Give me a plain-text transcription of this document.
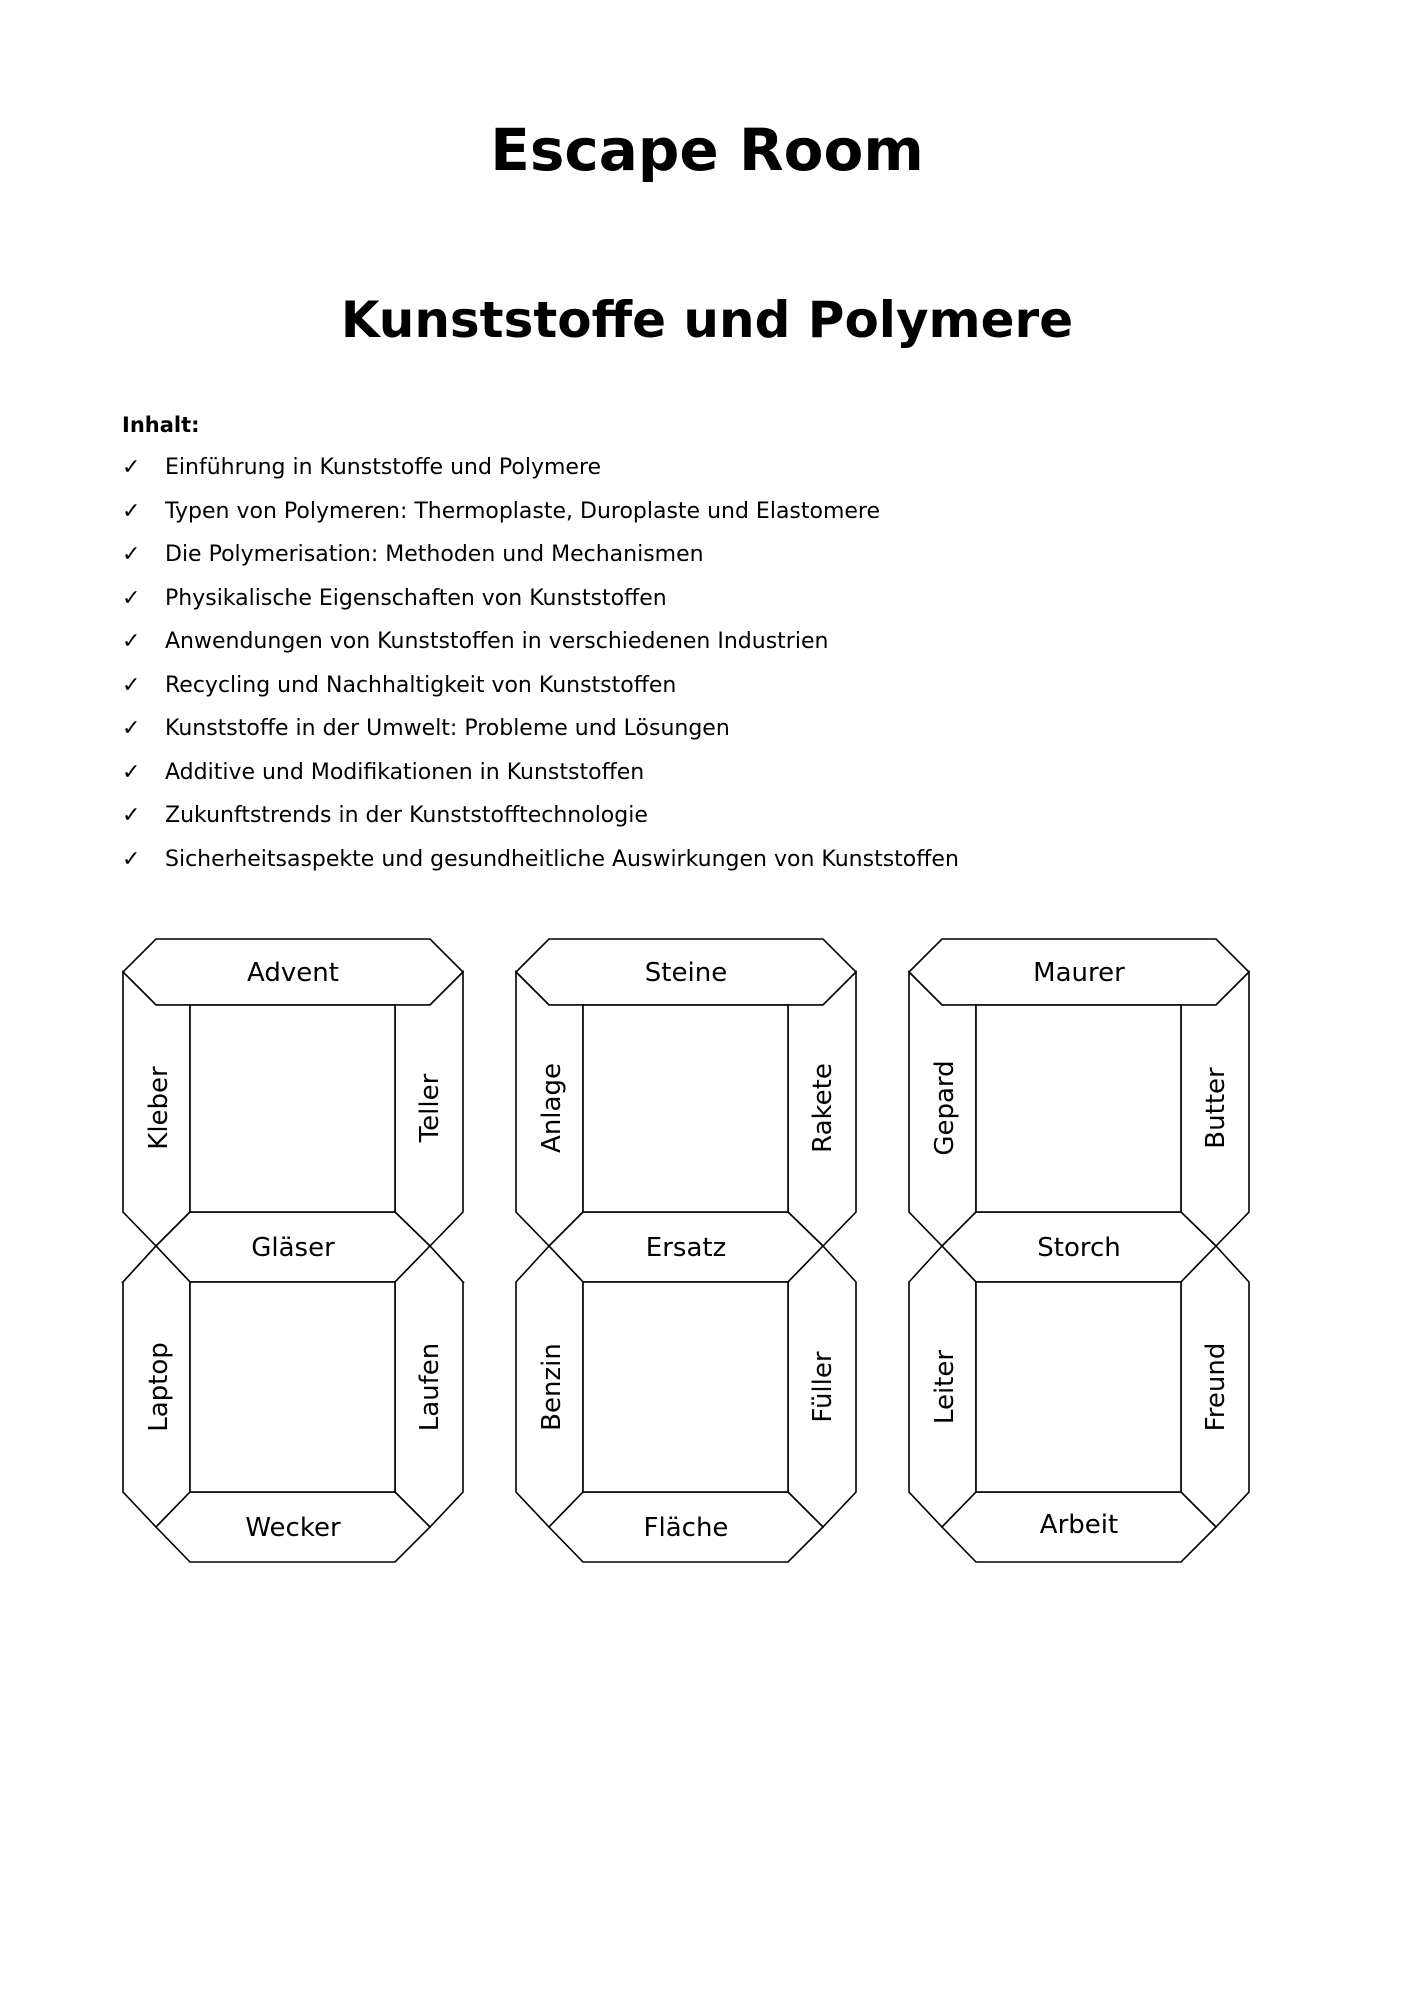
Escape Room
Kunststoffe und Polymere
Inhalt:
✓	Einführung in Kunststoffe und Polymere
✓	Typen von Polymeren: Thermoplaste, Duroplaste und Elastomere
✓	Die Polymerisation: Methoden und Mechanismen
✓	Physikalische Eigenschaften von Kunststoffen
✓	Anwendungen von Kunststoffen in verschiedenen Industrien
✓	Recycling und Nachhaltigkeit von Kunststoffen
✓	Kunststoffe in der Umwelt: Probleme und Lösungen
✓	Additive und Modifikationen in Kunststoffen
✓	Zukunftstrends in der Kunststofftechnologie
✓	Sicherheitsaspekte und gesundheitliche Auswirkungen von Kunststoffen
Advent
Kleber	Teller
Gläser
Laptop	Laufen
Wecker
Steine
Anlage	Rakete
Ersatz
Benzin	Füller
Fläche
Maurer
Gepard	Butter
Storch
Leiter	Freund
Arbeit
